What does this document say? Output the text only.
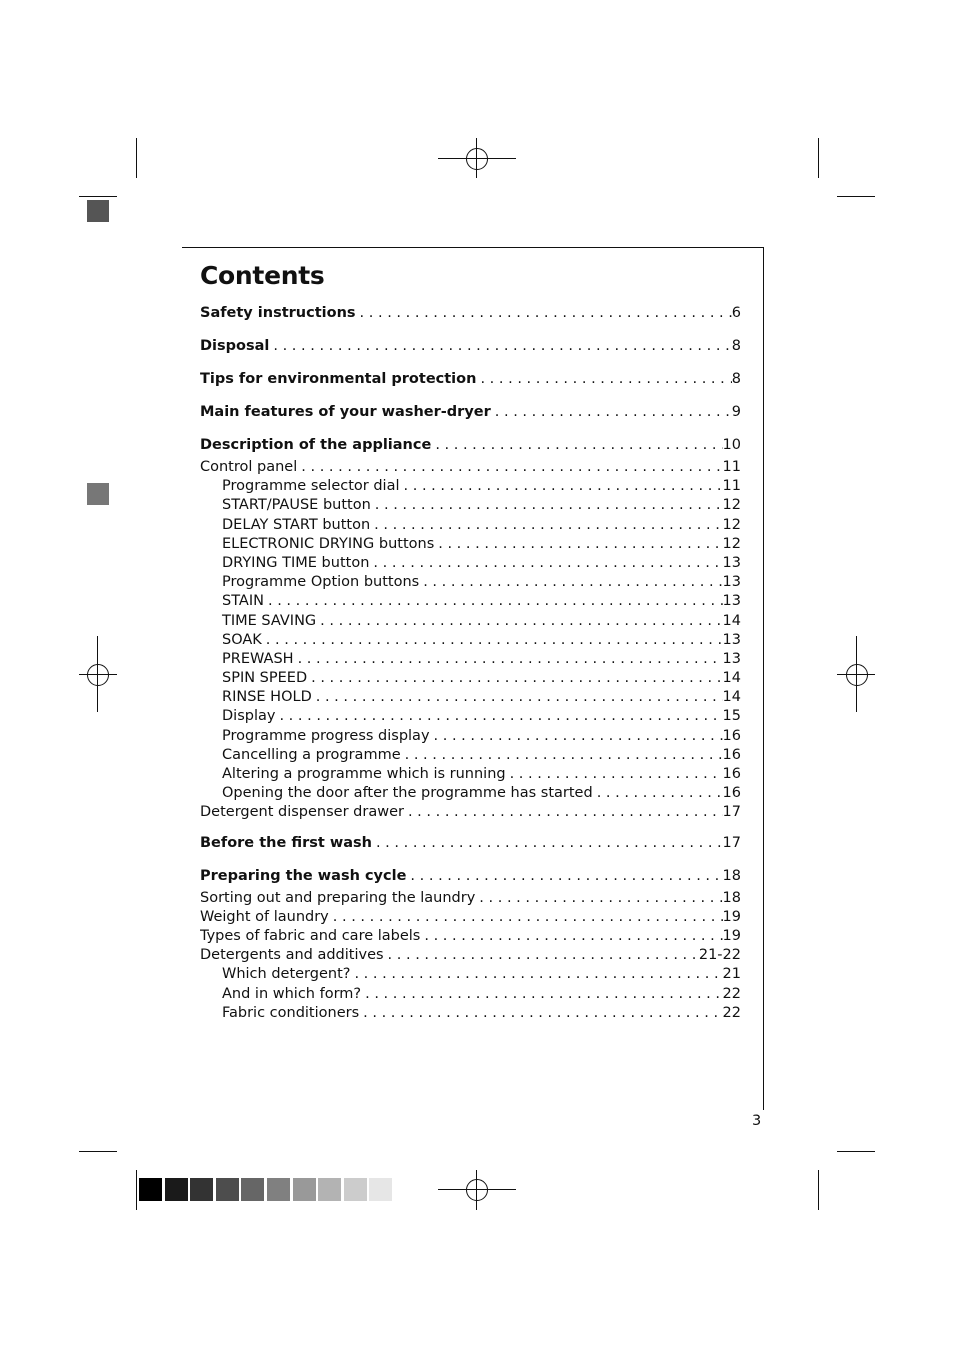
Contents
Safety instructions . . .	6
Disposal . . .	8
Tips for environmental protection . . .	8
Main features of your washer-dryer . . .	9
Description of the appliance . . .	10
Control panel . . .	11
Programme selector dial . . .	11
START/PAUSE button . . .	12
DELAY START button . . .	12
ELECTRONIC DRYING buttons . . .	12
DRYING TIME button . . .	13
Programme Option buttons . . .	13
STAIN . . .	13
TIME SAVING . . .	14
SOAK . . .	13
PREWASH . . .	13
SPIN SPEED . . .	14
RINSE HOLD . . .	14
Display . . .	15
Programme progress display . . .	16
Cancelling a programme . . .	16
Altering a programme which is running . . .	16
Opening the door after the programme has started . . .	16
Detergent dispenser drawer . . .	17
Before the first wash . . .	17
Preparing the wash cycle . . .	18
Sorting out and preparing the laundry . . .	18
Weight of laundry . . .	19
Types of fabric and care labels . . .	19
Detergents and additives . . .	21-22
Which detergent? . . .	21
And in which form? . . .	22
Fabric conditioners . . .	22
3
